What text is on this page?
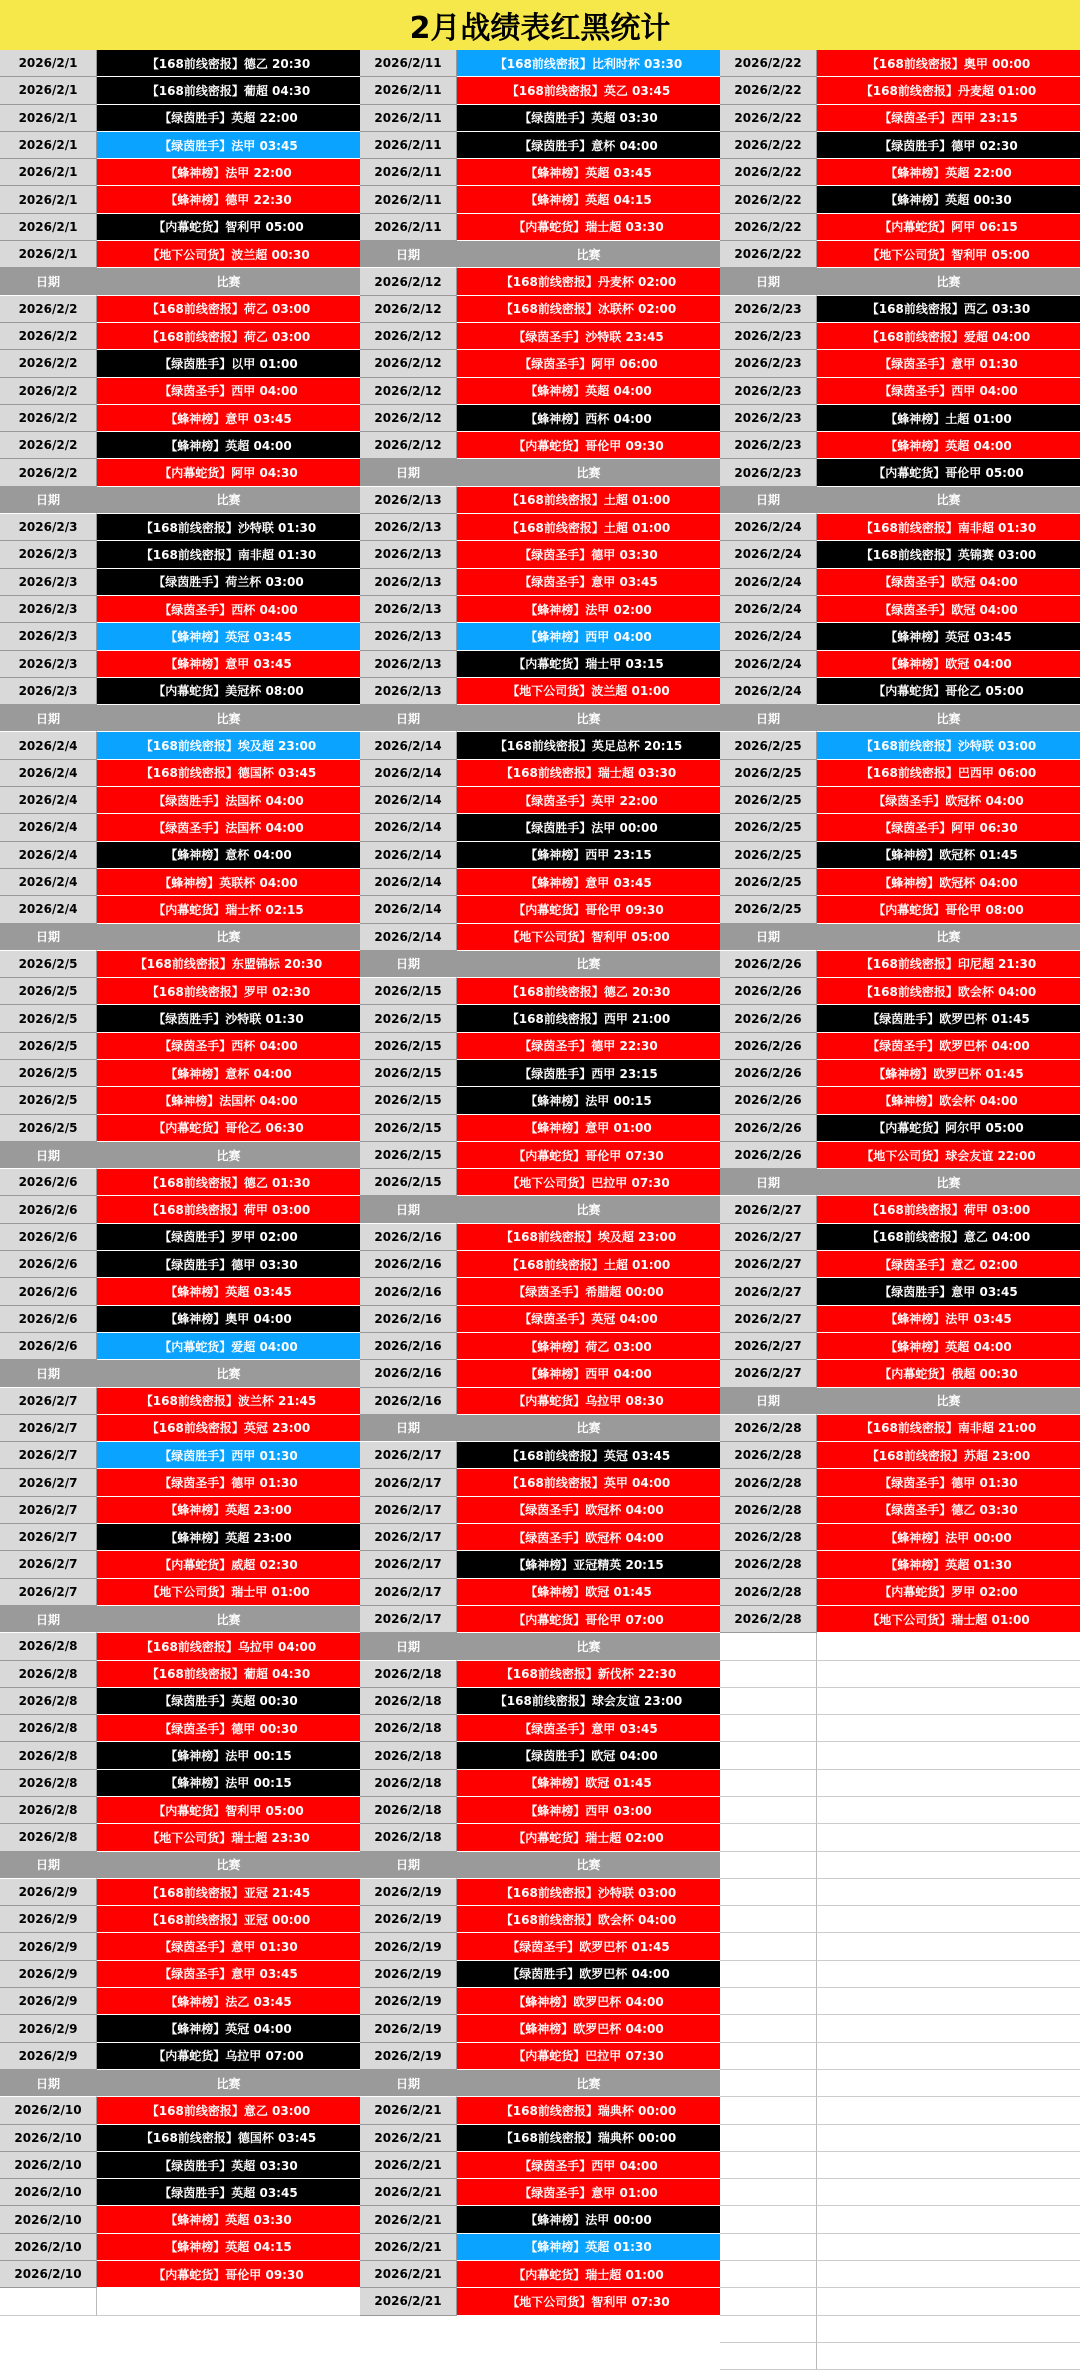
2月战绩表红黑统计
2026/2/1	【168前线密报】德乙 20:30
2026/2/1	【168前线密报】葡超 04:30
2026/2/1	【绿茵胜手】英超 22:00
2026/2/1	【绿茵胜手】法甲 03:45
2026/2/1	【蜂神榜】法甲 22:00
2026/2/1	【蜂神榜】德甲 22:30
2026/2/1	【内幕蛇货】智利甲 05:00
2026/2/1	【地下公司货】波兰超 00:30
日期	比赛
2026/2/2	【168前线密报】荷乙 03:00
2026/2/2	【168前线密报】荷乙 03:00
2026/2/2	【绿茵胜手】以甲 01:00
2026/2/2	【绿茵圣手】西甲 04:00
2026/2/2	【蜂神榜】意甲 03:45
2026/2/2	【蜂神榜】英超 04:00
2026/2/2	【内幕蛇货】阿甲 04:30
日期	比赛
2026/2/3	【168前线密报】沙特联 01:30
2026/2/3	【168前线密报】南非超 01:30
2026/2/3	【绿茵胜手】荷兰杯 03:00
2026/2/3	【绿茵圣手】西杯 04:00
2026/2/3	【蜂神榜】英冠 03:45
2026/2/3	【蜂神榜】意甲 03:45
2026/2/3	【内幕蛇货】美冠杯 08:00
日期	比赛
2026/2/4	【168前线密报】埃及超 23:00
2026/2/4	【168前线密报】德国杯 03:45
2026/2/4	【绿茵胜手】法国杯 04:00
2026/2/4	【绿茵圣手】法国杯 04:00
2026/2/4	【蜂神榜】意杯 04:00
2026/2/4	【蜂神榜】英联杯 04:00
2026/2/4	【内幕蛇货】瑞士杯 02:15
日期	比赛
2026/2/5	【168前线密报】东盟锦标 20:30
2026/2/5	【168前线密报】罗甲 02:30
2026/2/5	【绿茵胜手】沙特联 01:30
2026/2/5	【绿茵圣手】西杯 04:00
2026/2/5	【蜂神榜】意杯 04:00
2026/2/5	【蜂神榜】法国杯 04:00
2026/2/5	【内幕蛇货】哥伦乙 06:30
日期	比赛
2026/2/6	【168前线密报】德乙 01:30
2026/2/6	【168前线密报】荷甲 03:00
2026/2/6	【绿茵胜手】罗甲 02:00
2026/2/6	【绿茵胜手】德甲 03:30
2026/2/6	【蜂神榜】英超 03:45
2026/2/6	【蜂神榜】奥甲 04:00
2026/2/6	【内幕蛇货】爱超 04:00
日期	比赛
2026/2/7	【168前线密报】波兰杯 21:45
2026/2/7	【168前线密报】英冠 23:00
2026/2/7	【绿茵胜手】西甲 01:30
2026/2/7	【绿茵圣手】德甲 01:30
2026/2/7	【蜂神榜】英超 23:00
2026/2/7	【蜂神榜】英超 23:00
2026/2/7	【内幕蛇货】威超 02:30
2026/2/7	【地下公司货】瑞士甲 01:00
日期	比赛
2026/2/8	【168前线密报】乌拉甲 04:00
2026/2/8	【168前线密报】葡超 04:30
2026/2/8	【绿茵胜手】英超 00:30
2026/2/8	【绿茵圣手】德甲 00:30
2026/2/8	【蜂神榜】法甲 00:15
2026/2/8	【蜂神榜】法甲 00:15
2026/2/8	【内幕蛇货】智利甲 05:00
2026/2/8	【地下公司货】瑞士超 23:30
日期	比赛
2026/2/9	【168前线密报】亚冠 21:45
2026/2/9	【168前线密报】亚冠 00:00
2026/2/9	【绿茵圣手】意甲 01:30
2026/2/9	【绿茵圣手】意甲 03:45
2026/2/9	【蜂神榜】法乙 03:45
2026/2/9	【蜂神榜】英冠 04:00
2026/2/9	【内幕蛇货】乌拉甲 07:00
日期	比赛
2026/2/10	【168前线密报】意乙 03:00
2026/2/10	【168前线密报】德国杯 03:45
2026/2/10	【绿茵胜手】英超 03:30
2026/2/10	【绿茵胜手】英超 03:45
2026/2/10	【蜂神榜】英超 03:30
2026/2/10	【蜂神榜】英超 04:15
2026/2/10	【内幕蛇货】哥伦甲 09:30
2026/2/11	【168前线密报】比利时杯 03:30
2026/2/11	【168前线密报】英乙 03:45
2026/2/11	【绿茵胜手】英超 03:30
2026/2/11	【绿茵胜手】意杯 04:00
2026/2/11	【蜂神榜】英超 03:45
2026/2/11	【蜂神榜】英超 04:15
2026/2/11	【内幕蛇货】瑞士超 03:30
日期	比赛
2026/2/12	【168前线密报】丹麦杯 02:00
2026/2/12	【168前线密报】冰联杯 02:00
2026/2/12	【绿茵圣手】沙特联 23:45
2026/2/12	【绿茵圣手】阿甲 06:00
2026/2/12	【蜂神榜】英超 04:00
2026/2/12	【蜂神榜】西杯 04:00
2026/2/12	【内幕蛇货】哥伦甲 09:30
日期	比赛
2026/2/13	【168前线密报】土超 01:00
2026/2/13	【168前线密报】土超 01:00
2026/2/13	【绿茵圣手】德甲 03:30
2026/2/13	【绿茵圣手】意甲 03:45
2026/2/13	【蜂神榜】法甲 02:00
2026/2/13	【蜂神榜】西甲 04:00
2026/2/13	【内幕蛇货】瑞士甲 03:15
2026/2/13	【地下公司货】波兰超 01:00
日期	比赛
2026/2/14	【168前线密报】英足总杯 20:15
2026/2/14	【168前线密报】瑞士超 03:30
2026/2/14	【绿茵圣手】英甲 22:00
2026/2/14	【绿茵胜手】法甲 00:00
2026/2/14	【蜂神榜】西甲 23:15
2026/2/14	【蜂神榜】意甲 03:45
2026/2/14	【内幕蛇货】哥伦甲 09:30
2026/2/14	【地下公司货】智利甲 05:00
日期	比赛
2026/2/15	【168前线密报】德乙 20:30
2026/2/15	【168前线密报】西甲 21:00
2026/2/15	【绿茵圣手】德甲 22:30
2026/2/15	【绿茵胜手】西甲 23:15
2026/2/15	【蜂神榜】法甲 00:15
2026/2/15	【蜂神榜】意甲 01:00
2026/2/15	【内幕蛇货】哥伦甲 07:30
2026/2/15	【地下公司货】巴拉甲 07:30
日期	比赛
2026/2/16	【168前线密报】埃及超 23:00
2026/2/16	【168前线密报】土超 01:00
2026/2/16	【绿茵圣手】希腊超 00:00
2026/2/16	【绿茵圣手】英冠 04:00
2026/2/16	【蜂神榜】荷乙 03:00
2026/2/16	【蜂神榜】西甲 04:00
2026/2/16	【内幕蛇货】乌拉甲 08:30
日期	比赛
2026/2/17	【168前线密报】英冠 03:45
2026/2/17	【168前线密报】英甲 04:00
2026/2/17	【绿茵圣手】欧冠杯 04:00
2026/2/17	【绿茵圣手】欧冠杯 04:00
2026/2/17	【蜂神榜】亚冠精英 20:15
2026/2/17	【蜂神榜】欧冠 01:45
2026/2/17	【内幕蛇货】哥伦甲 07:00
日期	比赛
2026/2/18	【168前线密报】新伐杯 22:30
2026/2/18	【168前线密报】球会友谊 23:00
2026/2/18	【绿茵圣手】意甲 03:45
2026/2/18	【绿茵胜手】欧冠 04:00
2026/2/18	【蜂神榜】欧冠 01:45
2026/2/18	【蜂神榜】西甲 03:00
2026/2/18	【内幕蛇货】瑞士超 02:00
日期	比赛
2026/2/19	【168前线密报】沙特联 03:00
2026/2/19	【168前线密报】欧会杯 04:00
2026/2/19	【绿茵圣手】欧罗巴杯 01:45
2026/2/19	【绿茵胜手】欧罗巴杯 04:00
2026/2/19	【蜂神榜】欧罗巴杯 04:00
2026/2/19	【蜂神榜】欧罗巴杯 04:00
2026/2/19	【内幕蛇货】巴拉甲 07:30
日期	比赛
2026/2/21	【168前线密报】瑞典杯 00:00
2026/2/21	【168前线密报】瑞典杯 00:00
2026/2/21	【绿茵圣手】西甲 04:00
2026/2/21	【绿茵圣手】意甲 01:00
2026/2/21	【蜂神榜】法甲 00:00
2026/2/21	【蜂神榜】英超 01:30
2026/2/21	【内幕蛇货】瑞士超 01:00
2026/2/21	【地下公司货】智利甲 07:30
2026/2/22	【168前线密报】奥甲 00:00
2026/2/22	【168前线密报】丹麦超 01:00
2026/2/22	【绿茵圣手】西甲 23:15
2026/2/22	【绿茵胜手】德甲 02:30
2026/2/22	【蜂神榜】英超 22:00
2026/2/22	【蜂神榜】英超 00:30
2026/2/22	【内幕蛇货】阿甲 06:15
2026/2/22	【地下公司货】智利甲 05:00
日期	比赛
2026/2/23	【168前线密报】西乙 03:30
2026/2/23	【168前线密报】爱超 04:00
2026/2/23	【绿茵圣手】意甲 01:30
2026/2/23	【绿茵圣手】西甲 04:00
2026/2/23	【蜂神榜】土超 01:00
2026/2/23	【蜂神榜】英超 04:00
2026/2/23	【内幕蛇货】哥伦甲 05:00
日期	比赛
2026/2/24	【168前线密报】南非超 01:30
2026/2/24	【168前线密报】英锦赛 03:00
2026/2/24	【绿茵圣手】欧冠 04:00
2026/2/24	【绿茵圣手】欧冠 04:00
2026/2/24	【蜂神榜】英冠 03:45
2026/2/24	【蜂神榜】欧冠 04:00
2026/2/24	【内幕蛇货】哥伦乙 05:00
日期	比赛
2026/2/25	【168前线密报】沙特联 03:00
2026/2/25	【168前线密报】巴西甲 06:00
2026/2/25	【绿茵圣手】欧冠杯 04:00
2026/2/25	【绿茵圣手】阿甲 06:30
2026/2/25	【蜂神榜】欧冠杯 01:45
2026/2/25	【蜂神榜】欧冠杯 04:00
2026/2/25	【内幕蛇货】哥伦甲 08:00
日期	比赛
2026/2/26	【168前线密报】印尼超 21:30
2026/2/26	【168前线密报】欧会杯 04:00
2026/2/26	【绿茵胜手】欧罗巴杯 01:45
2026/2/26	【绿茵圣手】欧罗巴杯 04:00
2026/2/26	【蜂神榜】欧罗巴杯 01:45
2026/2/26	【蜂神榜】欧会杯 04:00
2026/2/26	【内幕蛇货】阿尔甲 05:00
2026/2/26	【地下公司货】球会友谊 22:00
日期	比赛
2026/2/27	【168前线密报】荷甲 03:00
2026/2/27	【168前线密报】意乙 04:00
2026/2/27	【绿茵圣手】意乙 02:00
2026/2/27	【绿茵胜手】意甲 03:45
2026/2/27	【蜂神榜】法甲 03:45
2026/2/27	【蜂神榜】英超 04:00
2026/2/27	【内幕蛇货】俄超 00:30
日期	比赛
2026/2/28	【168前线密报】南非超 21:00
2026/2/28	【168前线密报】苏超 23:00
2026/2/28	【绿茵圣手】德甲 01:30
2026/2/28	【绿茵圣手】德乙 03:30
2026/2/28	【蜂神榜】法甲 00:00
2026/2/28	【蜂神榜】英超 01:30
2026/2/28	【内幕蛇货】罗甲 02:00
2026/2/28	【地下公司货】瑞士超 01:00
